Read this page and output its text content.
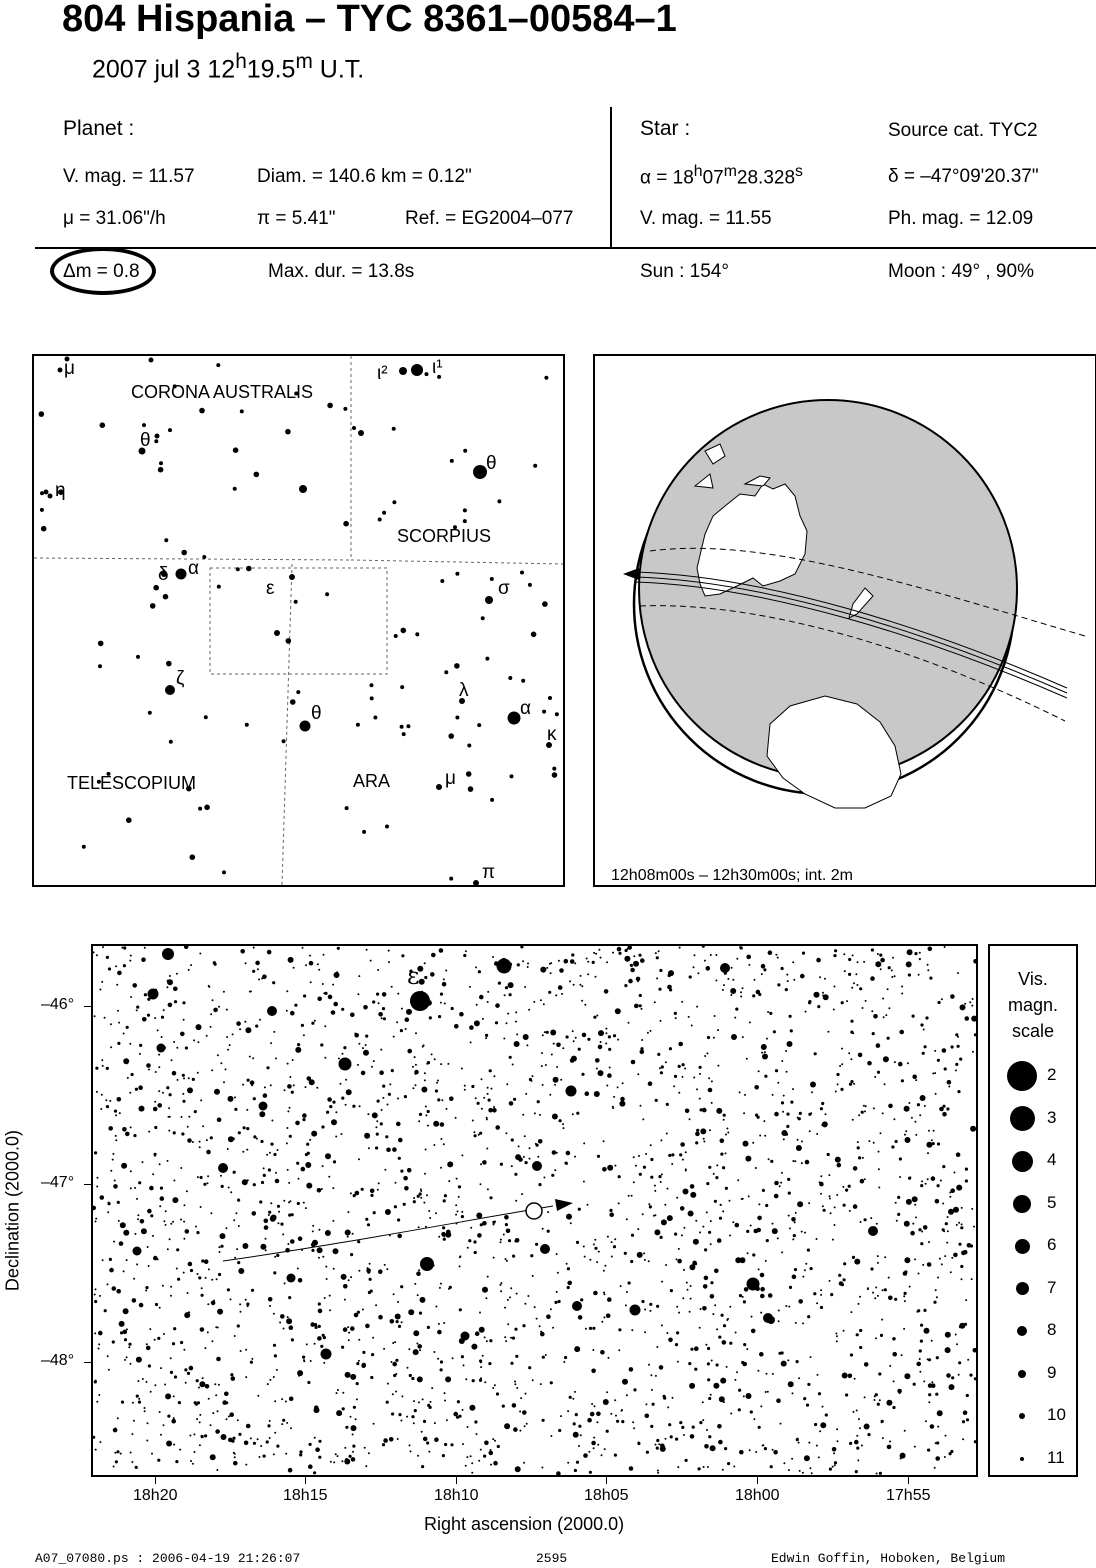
804 Hispania – TYC 8361–00584–1
2007 jul 3 12$^h$19.5$^m$ U.T.
Planet :
V. mag. = 11.57	Diam. = 140.6 km = 0.12"
μ = 31.06"/h	π = 5.41"	Ref. = EG2004–077
Star :	Source cat. TYC2
$\alpha = 18^h07^m28.328^s$	δ = –47°09'20.37"
V. mag. = 11.55	Ph. mag. = 12.09
Δm = 0.8	Max. dur. = 13.8s	Sun : 154°	Moon : 49° , 90%
CORONA AUSTRALIS
SCORPIUS
TELESCOPIUM	ARA
μ
θ
η
δ α
ε
ζ
θ
ι² ι¹
θ
σ
λ
α
κ
μ
π	12h08m00s – 12h30m00s; int. 2m
ε
–46°
–47°
–48°
18h20	18h15	18h10	18h05	18h00	17h55
Right ascension (2000.0)
Declination (2000.0)
Vis.
magn.
scale
2
3
4
5
6
7
8
9
10
11
A07_07080.ps : 2006-04-19 21:26:07	2595	Edwin Goffin, Hoboken, Belgium
